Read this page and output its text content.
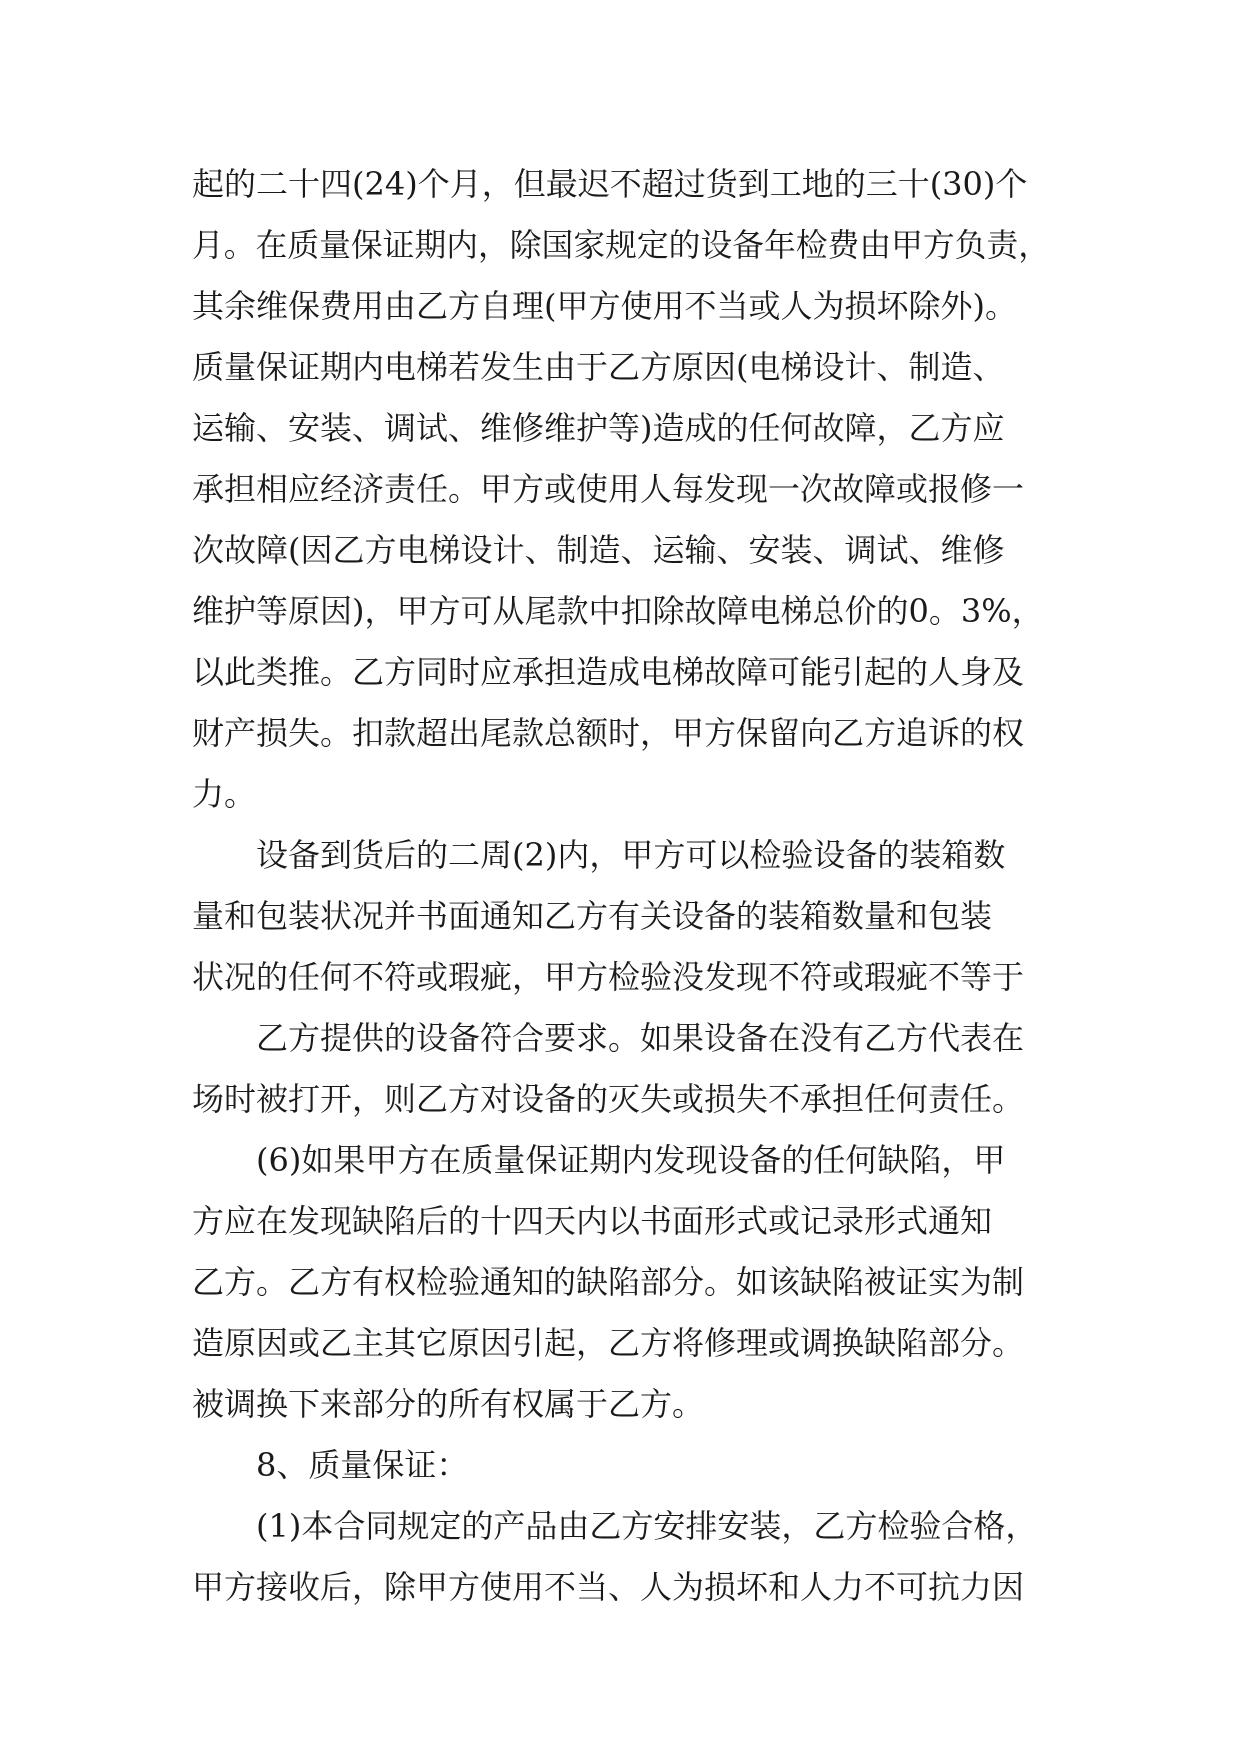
起的二十四(24)个月，但最迟不超过货到工地的三十(30)个
月。在质量保证期内，除国家规定的设备年检费由甲方负责，
其余维保费用由乙方自理(甲方使用不当或人为损坏除外)。
质量保证期内电梯若发生由于乙方原因(电梯设计、制造、
运输、安装、调试、维修维护等)造成的任何故障，乙方应
承担相应经济责任。甲方或使用人每发现一次故障或报修一
次故障(因乙方电梯设计、制造、运输、安装、调试、维修
维护等原因)，甲方可从尾款中扣除故障电梯总价的0。3%，
以此类推。乙方同时应承担造成电梯故障可能引起的人身及
财产损失。扣款超出尾款总额时，甲方保留向乙方追诉的权
力。
设备到货后的二周(2)内，甲方可以检验设备的装箱数
量和包装状况并书面通知乙方有关设备的装箱数量和包装
状况的任何不符或瑕疵，甲方检验没发现不符或瑕疵不等于
乙方提供的设备符合要求。如果设备在没有乙方代表在
场时被打开，则乙方对设备的灭失或损失不承担任何责任。
(6)如果甲方在质量保证期内发现设备的任何缺陷，甲
方应在发现缺陷后的十四天内以书面形式或记录形式通知
乙方。乙方有权检验通知的缺陷部分。如该缺陷被证实为制
造原因或乙主其它原因引起，乙方将修理或调换缺陷部分。
被调换下来部分的所有权属于乙方。
8、质量保证：
(1)本合同规定的产品由乙方安排安装，乙方检验合格，
甲方接收后，除甲方使用不当、人为损坏和人力不可抗力因
